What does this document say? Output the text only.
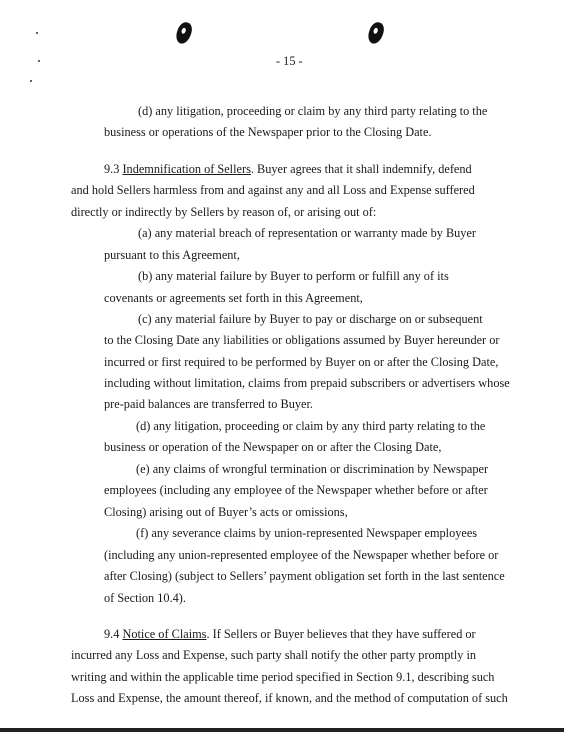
- 15 -
(d) any litigation, proceeding or claim by any third party relating to the
business or operations of the Newspaper prior to the Closing Date.
9.3 Indemnification of Sellers. Buyer agrees that it shall indemnify, defend
and hold Sellers harmless from and against any and all Loss and Expense suffered
directly or indirectly by Sellers by reason of, or arising out of:
(a) any material breach of representation or warranty made by Buyer
pursuant to this Agreement,
(b) any material failure by Buyer to perform or fulfill any of its
covenants or agreements set forth in this Agreement,
(c) any material failure by Buyer to pay or discharge on or subsequent
to the Closing Date any liabilities or obligations assumed by Buyer hereunder or
incurred or first required to be performed by Buyer on or after the Closing Date,
including without limitation, claims from prepaid subscribers or advertisers whose
pre-paid balances are transferred to Buyer.
(d) any litigation, proceeding or claim by any third party relating to the
business or operation of the Newspaper on or after the Closing Date,
(e) any claims of wrongful termination or discrimination by Newspaper
employees (including any employee of the Newspaper whether before or after
Closing) arising out of Buyer’s acts or omissions,
(f) any severance claims by union-represented Newspaper employees
(including any union-represented employee of the Newspaper whether before or
after Closing) (subject to Sellers’ payment obligation set forth in the last sentence
of Section 10.4).
9.4 Notice of Claims. If Sellers or Buyer believes that they have suffered or
incurred any Loss and Expense, such party shall notify the other party promptly in
writing and within the applicable time period specified in Section 9.1, describing such
Loss and Expense, the amount thereof, if known, and the method of computation of such
